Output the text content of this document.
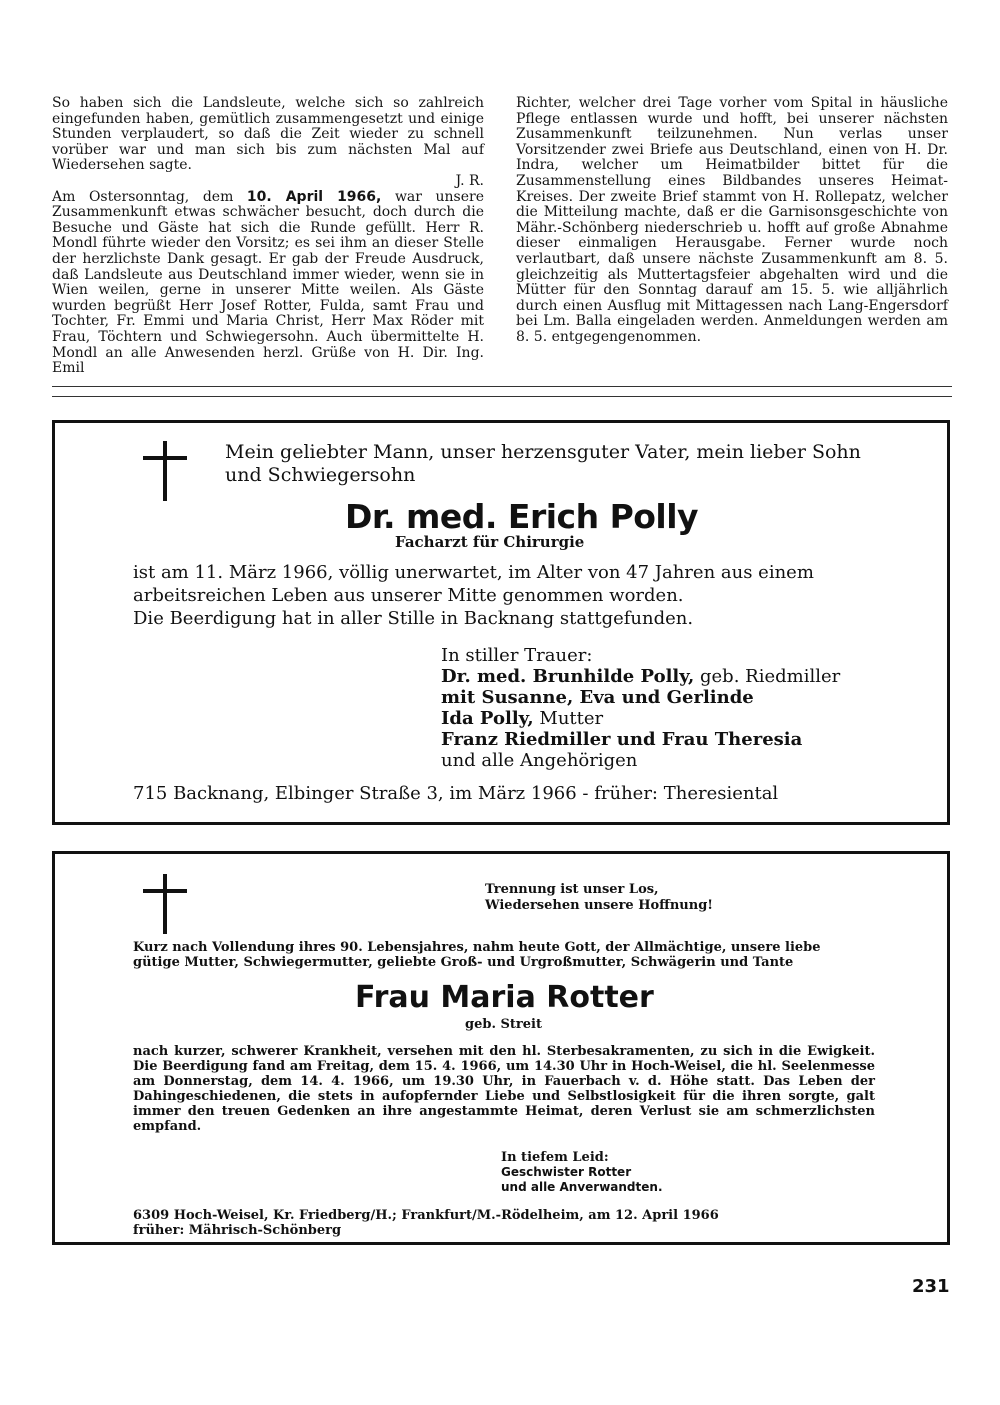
So haben sich die Landsleute, welche sich so zahlreich eingefunden haben, gemütlich zusammengesetzt und einige Stunden verplaudert, so daß die Zeit wieder zu schnell vorüber war und man sich bis zum nächsten Mal auf Wiedersehen sagte.
J. R.

Am Ostersonntag, dem 10. April 1966, war unsere Zusammenkunft etwas schwächer besucht, doch durch die Besuche und Gäste hat sich die Runde gefüllt. Herr R. Mondl führte wieder den Vorsitz; es sei ihm an dieser Stelle der herzlichste Dank gesagt. Er gab der Freude Ausdruck, daß Landsleute aus Deutschland immer wieder, wenn sie in Wien weilen, gerne in unserer Mitte weilen. Als Gäste wurden begrüßt Herr Josef Rotter, Fulda, samt Frau und Tochter, Fr. Emmi und Maria Christ, Herr Max Röder mit Frau, Töchtern und Schwiegersohn. Auch übermittelte H. Mondl an alle Anwesenden herzl. Grüße von H. Dir. Ing. Emil

Richter, welcher drei Tage vorher vom Spital in häusliche Pflege entlassen wurde und hofft, bei unserer nächsten Zusammenkunft teilzunehmen. Nun verlas unser Vorsitzender zwei Briefe aus Deutschland, einen von H. Dr. Indra, welcher um Heimatbilder bittet für die Zusammenstellung eines Bildbandes unseres Heimat-Kreises. Der zweite Brief stammt von H. Rollepatz, welcher die Mitteilung machte, daß er die Garnisonsgeschichte von Mähr.-Schönberg niederschrieb u. hofft auf große Abnahme dieser einmaligen Herausgabe. Ferner wurde noch verlautbart, daß unsere nächste Zusammenkunft am 8. 5. gleichzeitig als Muttertagsfeier abgehalten wird und die Mütter für den Sonntag darauf am 15. 5. wie alljährlich durch einen Ausflug mit Mittagessen nach Lang-Engersdorf bei Lm. Balla eingeladen werden. Anmeldungen werden am 8. 5. entgegengenommen.

Mein geliebter Mann, unser herzensguter Vater, mein lieber Sohn
und Schwiegersohn
Dr. med. Erich Polly
Facharzt für Chirurgie
ist am 11. März 1966, völlig unerwartet, im Alter von 47 Jahren aus einem
arbeitsreichen Leben aus unserer Mitte genommen worden.
Die Beerdigung hat in aller Stille in Backnang stattgefunden.
In stiller Trauer:
Dr. med. Brunhilde Polly, geb. Riedmiller
mit Susanne, Eva und Gerlinde
Ida Polly, Mutter
Franz Riedmiller und Frau Theresia
und alle Angehörigen
715 Backnang, Elbinger Straße 3, im März 1966 - früher: Theresiental
Trennung ist unser Los,
Wiedersehen unsere Hoffnung!
Kurz nach Vollendung ihres 90. Lebensjahres, nahm heute Gott, der Allmächtige, unsere liebe
gütige Mutter, Schwiegermutter, geliebte Groß- und Urgroßmutter, Schwägerin und Tante
Frau Maria Rotter
geb. Streit
nach kurzer, schwerer Krankheit, versehen mit den hl. Sterbesakramenten, zu sich in die Ewigkeit. Die Beerdigung fand am Freitag, dem 15. 4. 1966, um 14.30 Uhr in Hoch-Weisel, die hl. Seelenmesse am Donnerstag, dem 14. 4. 1966, um 19.30 Uhr, in Fauerbach v. d. Höhe statt. Das Leben der Dahingeschiedenen, die stets in aufopfernder Liebe und Selbstlosigkeit für die ihren sorgte, galt immer den treuen Gedenken an ihre angestammte Heimat, deren Verlust sie am schmerzlichsten empfand.
In tiefem Leid:
Geschwister Rotter
und alle Anverwandten.
6309 Hoch-Weisel, Kr. Friedberg/H.; Frankfurt/M.-Rödelheim, am 12. April 1966
früher: Mährisch-Schönberg
231
